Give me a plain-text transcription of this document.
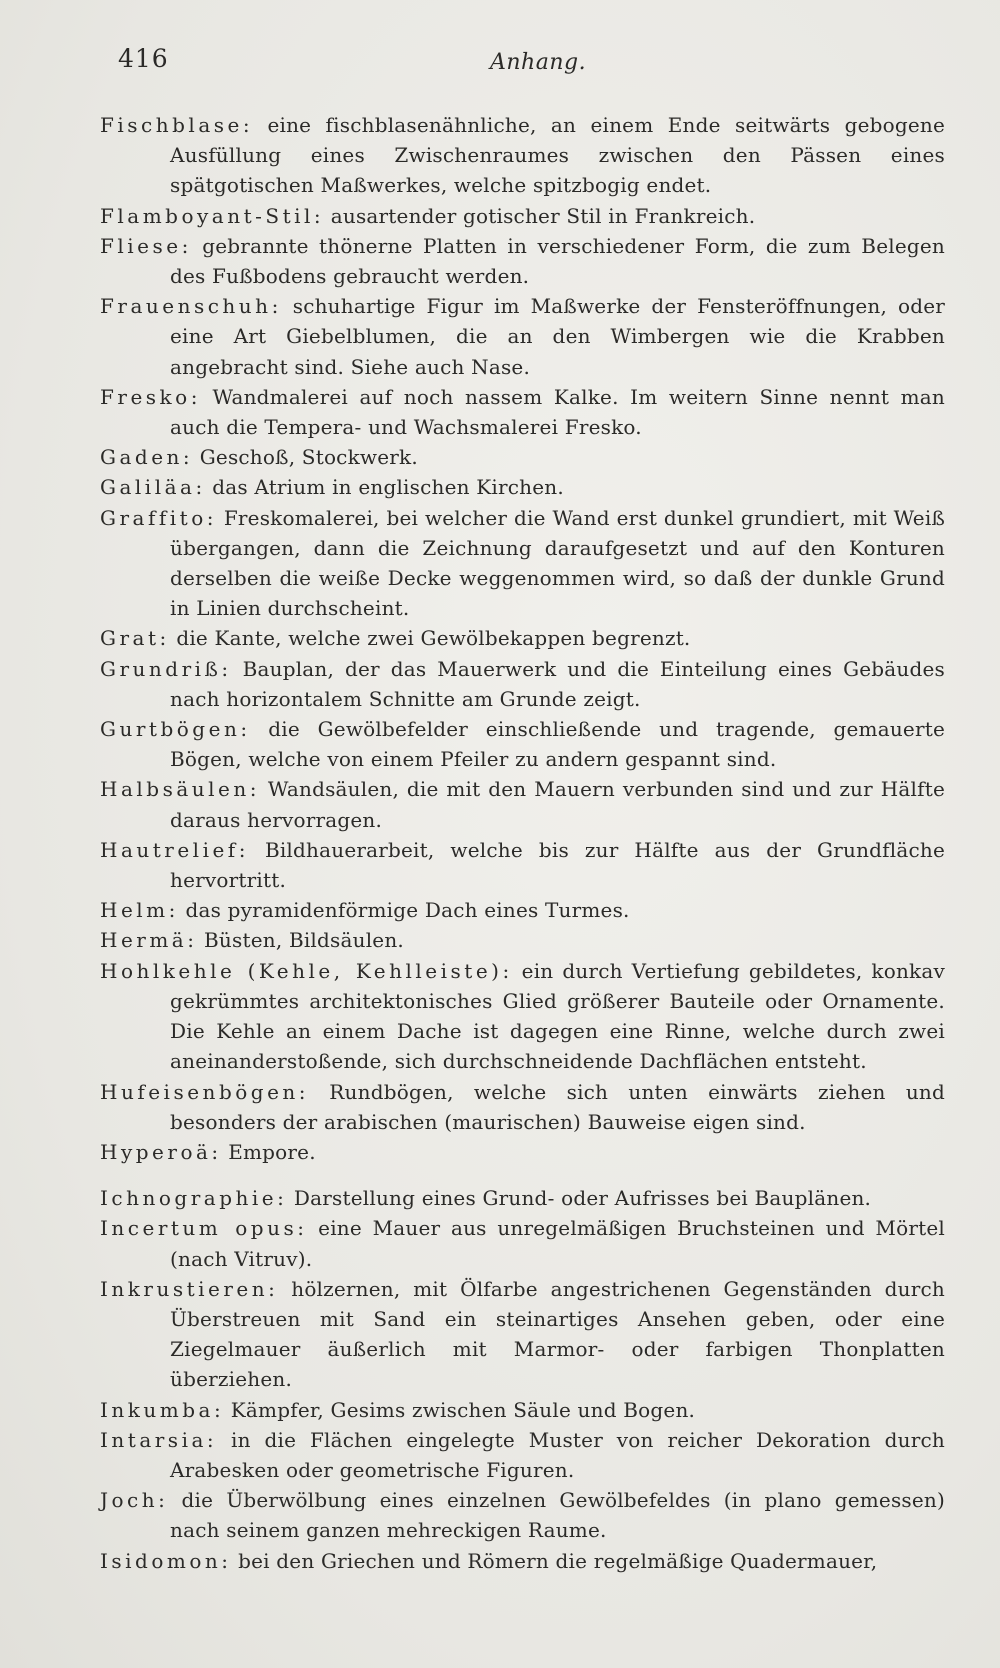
416	Anhang.

Fischblase: eine fischblasenähnliche, an einem Ende seitwärts gebogene Ausfüllung eines Zwischenraumes zwischen den Pässen eines spätgotischen Maßwerkes, welche spitzbogig endet.

Flamboyant-Stil: ausartender gotischer Stil in Frankreich.

Fliese: gebrannte thönerne Platten in verschiedener Form, die zum Belegen des Fußbodens gebraucht werden.

Frauenschuh: schuhartige Figur im Maßwerke der Fensteröffnungen, oder eine Art Giebelblumen, die an den Wimbergen wie die Krabben angebracht sind. Siehe auch Nase.

Fresko: Wandmalerei auf noch nassem Kalke. Im weitern Sinne nennt man auch die Tempera- und Wachsmalerei Fresko.

Gaden: Geschoß, Stockwerk.

Galiläa: das Atrium in englischen Kirchen.

Graffito: Freskomalerei, bei welcher die Wand erst dunkel grundiert, mit Weiß übergangen, dann die Zeichnung daraufgesetzt und auf den Konturen derselben die weiße Decke weggenommen wird, so daß der dunkle Grund in Linien durchscheint.

Grat: die Kante, welche zwei Gewölbekappen begrenzt.

Grundriß: Bauplan, der das Mauerwerk und die Einteilung eines Gebäudes nach horizontalem Schnitte am Grunde zeigt.

Gurtbögen: die Gewölbefelder einschließende und tragende, gemauerte Bögen, welche von einem Pfeiler zu andern gespannt sind.

Halbsäulen: Wandsäulen, die mit den Mauern verbunden sind und zur Hälfte daraus hervorragen.

Hautrelief: Bildhauerarbeit, welche bis zur Hälfte aus der Grundfläche hervortritt.

Helm: das pyramidenförmige Dach eines Turmes.

Hermä: Büsten, Bildsäulen.

Hohlkehle (Kehle, Kehlleiste): ein durch Vertiefung gebildetes, konkav gekrümmtes architektonisches Glied größerer Bauteile oder Ornamente. Die Kehle an einem Dache ist dagegen eine Rinne, welche durch zwei aneinanderstoßende, sich durchschneidende Dachflächen entsteht.

Hufeisenbögen: Rundbögen, welche sich unten einwärts ziehen und besonders der arabischen (maurischen) Bauweise eigen sind.

Hyperoä: Empore.

Ichnographie: Darstellung eines Grund- oder Aufrisses bei Bauplänen.

Incertum opus: eine Mauer aus unregelmäßigen Bruchsteinen und Mörtel (nach Vitruv).

Inkrustieren: hölzernen, mit Ölfarbe angestrichenen Gegenständen durch Überstreuen mit Sand ein steinartiges Ansehen geben, oder eine Ziegelmauer äußerlich mit Marmor- oder farbigen Thonplatten überziehen.

Inkumba: Kämpfer, Gesims zwischen Säule und Bogen.

Intarsia: in die Flächen eingelegte Muster von reicher Dekoration durch Arabesken oder geometrische Figuren.

Joch: die Überwölbung eines einzelnen Gewölbefeldes (in plano gemessen) nach seinem ganzen mehreckigen Raume.

Isidomon: bei den Griechen und Römern die regelmäßige Quadermauer,
